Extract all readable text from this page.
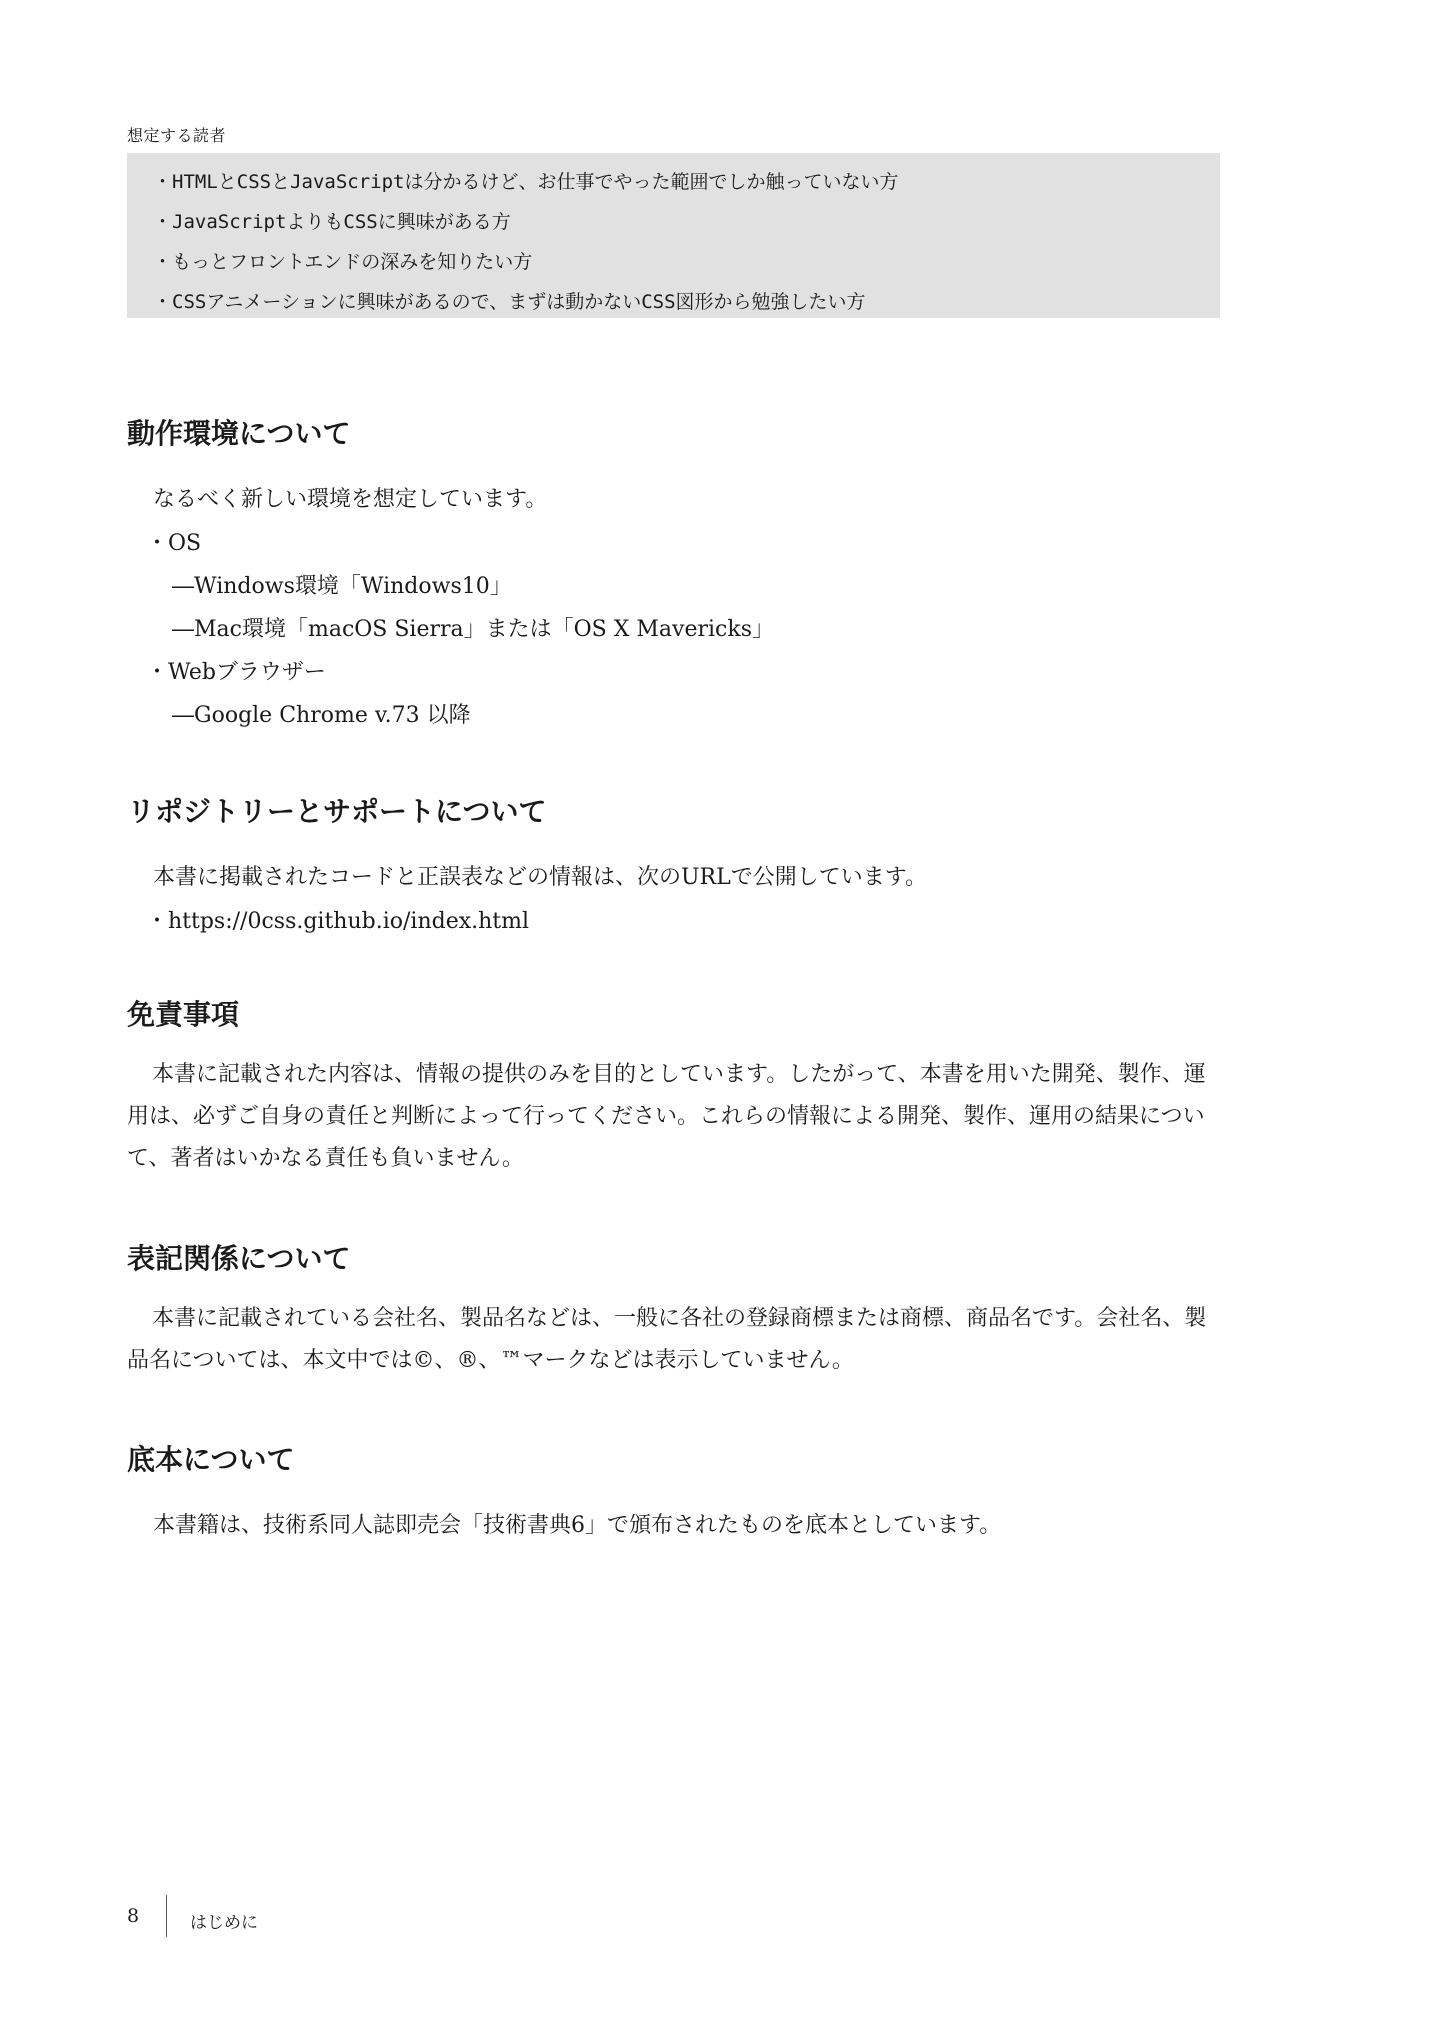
想定する読者
・HTMLとCSSとJavaScriptは分かるけど、お仕事でやった範囲でしか触っていない方
・JavaScriptよりもCSSに興味がある方
・もっとフロントエンドの深みを知りたい方
・CSSアニメーションに興味があるので、まずは動かないCSS図形から勉強したい方
動作環境について
なるべく新しい環境を想定しています。
・OS
―Windows環境「Windows10」
―Mac環境「macOS Sierra」または「OS X Mavericks」
・Webブラウザー
―Google Chrome v.73 以降
リポジトリーとサポートについて
本書に掲載されたコードと正誤表などの情報は、次のURLで公開しています。
・https://0css.github.io/index.html
免責事項

本書に記載された内容は、情報の提供のみを目的としています。したがって、本書を用いた開発、製作、運用は、必ずご自身の責任と判断によって行ってください。これらの情報による開発、製作、運用の結果について、著者はいかなる責任も負いません。

表記関係について

本書に記載されている会社名、製品名などは、一般に各社の登録商標または商標、商品名です。会社名、製品名については、本文中では©、®、™マークなどは表示していません。

底本について
本書籍は、技術系同人誌即売会「技術書典6」で頒布されたものを底本としています。
8	はじめに
